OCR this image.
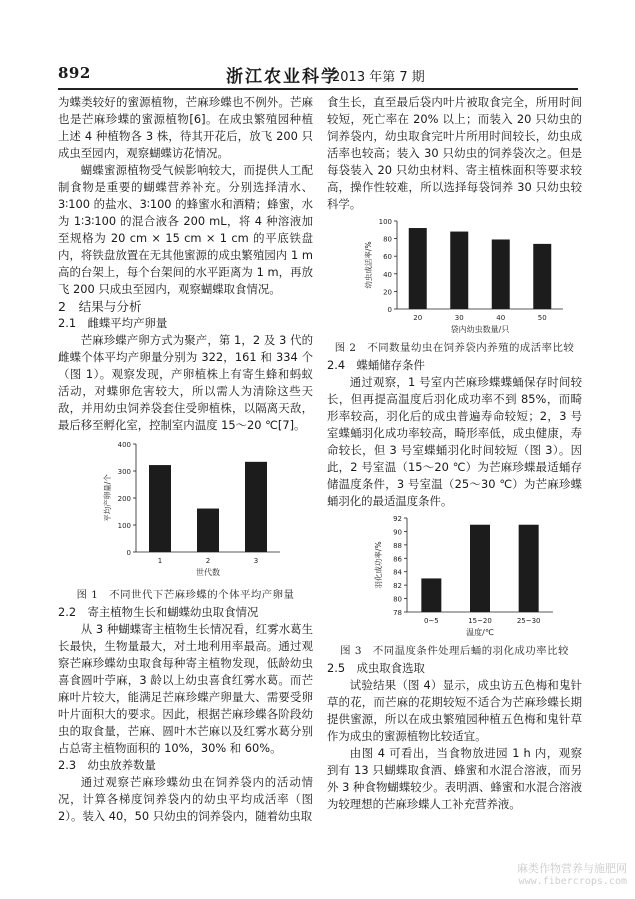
892	浙江农业科学
2013 年第 7 期

为蝶类较好的蜜源植物，芒麻珍蝶也不例外。芒麻也是芒麻珍蝶的蜜源植物[6]。在成虫繁殖园种植上述 4 种植物各 3 株，待其开花后，放飞 200 只成虫至园内，观察蝴蝶访花情况。

蝴蝶蜜源植物受气候影响较大，而提供人工配制食物是重要的蝴蝶营养补充。分别选择清水、3∶100 的盐水、3∶100 的蜂蜜水和酒精；蜂蜜，水为 1∶3∶100 的混合液各 200 mL，将 4 种溶液加至规格为 20 cm × 15 cm × 1 cm 的平底铁盘内，将铁盘放置在无其他蜜源的成虫繁殖园内 1 m 高的台架上，每个台架间的水平距离为 1 m，再放飞 200 只成虫至园内，观察蝴蝶取食情况。

2　结果与分析

2.1　雌蝶平均产卵量

芒麻珍蝶产卵方式为聚产，第 1，2 及 3 代的雌蝶个体平均产卵量分别为 322，161 和 334 个（图 1）。观察发现，产卵植株上有寄生蜂和蚂蚁活动，对蝶卵危害较大，所以需人为清除这些天敌，并用幼虫饲养袋套住受卵植株，以隔离天敌，最后移至孵化室，控制室内温度 15～20 ℃[7]。

0
100
200
300
400
1	2	3
世代数
平均产卵量/个

图 1　不同世代下芒麻珍蝶的个体平均产卵量

2.2　寄主植物生长和蝴蝶幼虫取食情况

从 3 种蝴蝶寄主植物生长情况看，红雾水葛生长最快，生物量最大，对土地利用率最高。通过观察芒麻珍蝶幼虫取食每种寄主植物发现，低龄幼虫喜食圆叶苧麻，3 龄以上幼虫喜食红雾水葛。而芒麻叶片较大，能满足芒麻珍蝶产卵量大、需要受卵叶片面积大的要求。因此，根据芒麻珍蝶各阶段幼虫的取食量，芒麻、圆叶木芒麻以及红雾水葛分别占总寄主植物面积的 10%，30% 和 60%。

2.3　幼虫放养数量

通过观察芒麻珍蝶幼虫在饲养袋内的活动情况，计算各梯度饲养袋内的幼虫平均成活率（图 2）。装入 40，50 只幼虫的饲养袋内，随着幼虫取

食生长，直至最后袋内叶片被取食完全，所用时间较短，死亡率在 20% 以上；而装入 20 只幼虫的饲养袋内，幼虫取食完叶片所用时间较长，幼虫成活率也较高；装入 30 只幼虫的饲养袋次之。但是每袋装入 20 只幼虫材料、寄主植株面积等要求较高，操作性较难，所以选择每袋饲养 30 只幼虫较科学。

0
20
40
60
80
100
20	30	40	50
袋内幼虫数量/只
幼虫成活率/%

图 2　不同数量幼虫在饲养袋内养殖的成活率比较

2.4　蝶蛹储存条件

通过观察，1 号室内芒麻珍蝶蝶蛹保存时间较长，但再提高温度后羽化成功率不到 85%，而畸形率较高，羽化后的成虫普遍寿命较短；2，3 号室蝶蛹羽化成功率较高，畸形率低，成虫健康，寿命较长，但 3 号室蝶蛹羽化时间较短（图 3）。因此，2 号室温（15～20 ℃）为芒麻珍蝶最适蛹存储温度条件，3 号室温（25～30 ℃）为芒麻珍蝶蛹羽化的最适温度条件。

78
80
82
84
86
88
90
92
0~5	15~20	25~30
温度/℃
羽化成功率/%

图 3　不同温度条件处理后蛹的羽化成功率比较

2.5　成虫取食选取

试验结果（图 4）显示，成虫访五色梅和鬼针草的花，而芒麻的花期较短不适合为芒麻珍蝶长期提供蜜源，所以在成虫繁殖园种植五色梅和鬼针草作为成虫的蜜源植物比较适宜。

由图 4 可看出，当食物放进园 1 h 内，观察到有 13 只蝴蝶取食酒、蜂蜜和水混合溶液，而另外 3 种食物蝴蝶较少。表明酒、蜂蜜和水混合溶液为较理想的芒麻珍蝶人工补充营养液。

麻类作物营养与施肥网
www.fibercrops.com
